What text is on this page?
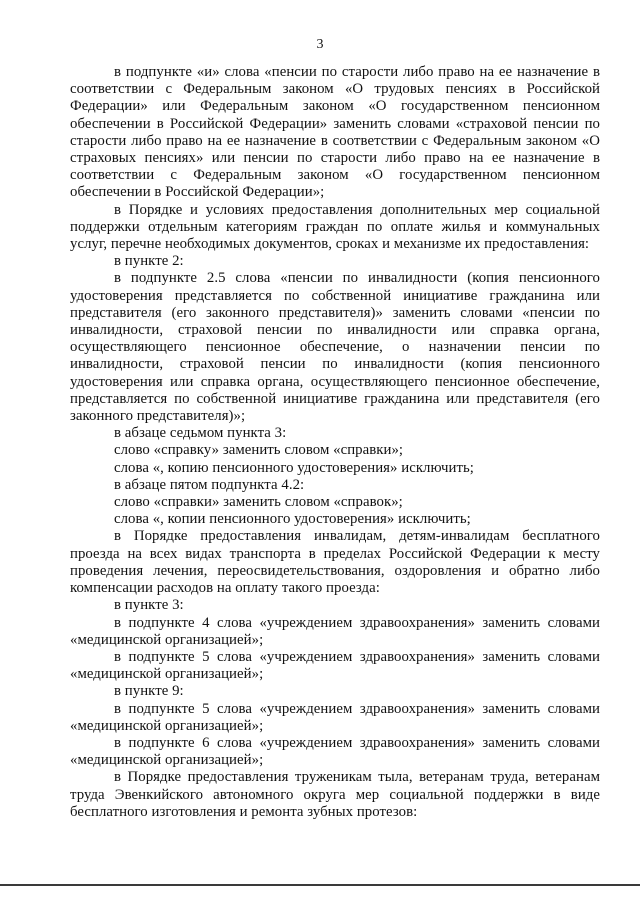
3

в подпункте «и» слова «пенсии по старости либо право на ее назначение в соответствии с Федеральным законом «О трудовых пенсиях в Российской Федерации» или Федеральным законом «О государственном пенсионном обеспечении в Российской Федерации» заменить словами «страховой пенсии по старости либо право на ее назначение в соответствии с Федеральным законом «О страховых пенсиях» или пенсии по старости либо право на ее назначение в соответствии с Федеральным законом «О государственном пенсионном обеспечении в Российской Федерации»;

в Порядке и условиях предоставления дополнительных мер социальной поддержки отдельным категориям граждан по оплате жилья и коммунальных услуг, перечне необходимых документов, сроках и механизме их предоставления:

в пункте 2:

в подпункте 2.5 слова «пенсии по инвалидности (копия пенсионного удостоверения представляется по собственной инициативе гражданина или представителя (его законного представителя)» заменить словами «пенсии по инвалидности, страховой пенсии по инвалидности или справка органа, осуществляющего пенсионное обеспечение, о назначении пенсии по инвалидности, страховой пенсии по инвалидности (копия пенсионного удостоверения или справка органа, осуществляющего пенсионное обеспечение, представляется по собственной инициативе гражданина или представителя (его законного представителя)»;

в абзаце седьмом пункта 3:

слово «справку» заменить словом «справки»;

слова «, копию пенсионного удостоверения» исключить;

в абзаце пятом подпункта 4.2:

слово «справки» заменить словом «справок»;

слова «, копии пенсионного удостоверения» исключить;

в Порядке предоставления инвалидам, детям-инвалидам бесплатного проезда на всех видах транспорта в пределах Российской Федерации к месту проведения лечения, переосвидетельствования, оздоровления и обратно либо компенсации расходов на оплату такого проезда:

в пункте 3:

в подпункте 4 слова «учреждением здравоохранения» заменить словами «медицинской организацией»;

в подпункте 5 слова «учреждением здравоохранения» заменить словами «медицинской организацией»;

в пункте 9:

в подпункте 5 слова «учреждением здравоохранения» заменить словами «медицинской организацией»;

в подпункте 6 слова «учреждением здравоохранения» заменить словами «медицинской организацией»;

в Порядке предоставления труженикам тыла, ветеранам труда, ветеранам труда Эвенкийского автономного округа мер социальной поддержки в виде бесплатного изготовления и ремонта зубных протезов:
